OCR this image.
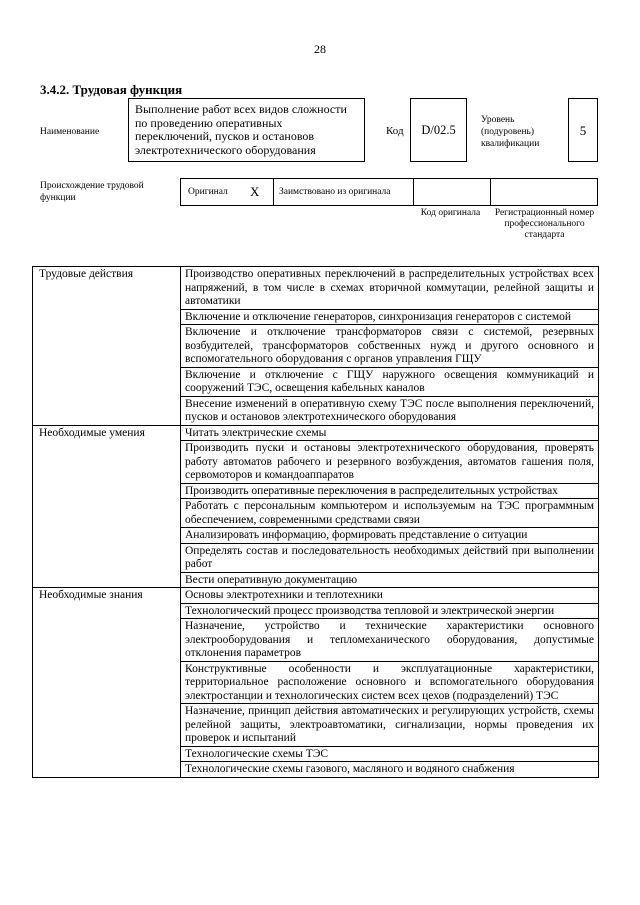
28
3.4.2. Трудовая функция
Наименование
Выполнение работ всех видов сложности по проведению оперативных переключений, пусков и остановов электротехнического оборудования
Код	D/02.5
Уровень (подуровень) квалификации
5
Происхождение трудовой функции
Оригинал X Заимствовано из оригинала
Код оригинала	Регистрационный номер профессионального стандарта
Трудовые действия	Производство оперативных переключений в распределительных устройствах всех напряжений, в том числе в схемах вторичной коммутации, релейной защиты и автоматики
	Включение и отключение генераторов, синхронизация генераторов с системой
	Включение и отключение трансформаторов связи с системой, резервных возбудителей, трансформаторов собственных нужд и другого основного и вспомогательного оборудования с органов управления ГЩУ
	Включение и отключение с ГЩУ наружного освещения коммуникаций и сооружений ТЭС, освещения кабельных каналов
	Внесение изменений в оперативную схему ТЭС после выполнения переключений, пусков и остановов электротехнического оборудования
Необходимые умения	Читать электрические схемы
	Производить пуски и остановы электротехнического оборудования, проверять работу автоматов рабочего и резервного возбуждения, автоматов гашения поля, сервомоторов и командоаппаратов
	Производить оперативные переключения в распределительных устройствах
	Работать с персональным компьютером и используемым на ТЭС программным обеспечением, современными средствами связи
	Анализировать информацию, формировать представление о ситуации
	Определять состав и последовательность необходимых действий при выполнении работ
	Вести оперативную документацию
Необходимые знания	Основы электротехники и теплотехники
	Технологический процесс производства тепловой и электрической энергии
	Назначение, устройство и технические характеристики основного электрооборудования и тепломеханического оборудования, допустимые отклонения параметров
	Конструктивные особенности и эксплуатационные характеристики, территориальное расположение основного и вспомогательного оборудования электростанции и технологических систем всех цехов (подразделений) ТЭС
	Назначение, принцип действия автоматических и регулирующих устройств, схемы релейной защиты, электроавтоматики, сигнализации, нормы проведения их проверок и испытаний
	Технологические схемы ТЭС
	Технологические схемы газового, масляного и водяного снабжения
